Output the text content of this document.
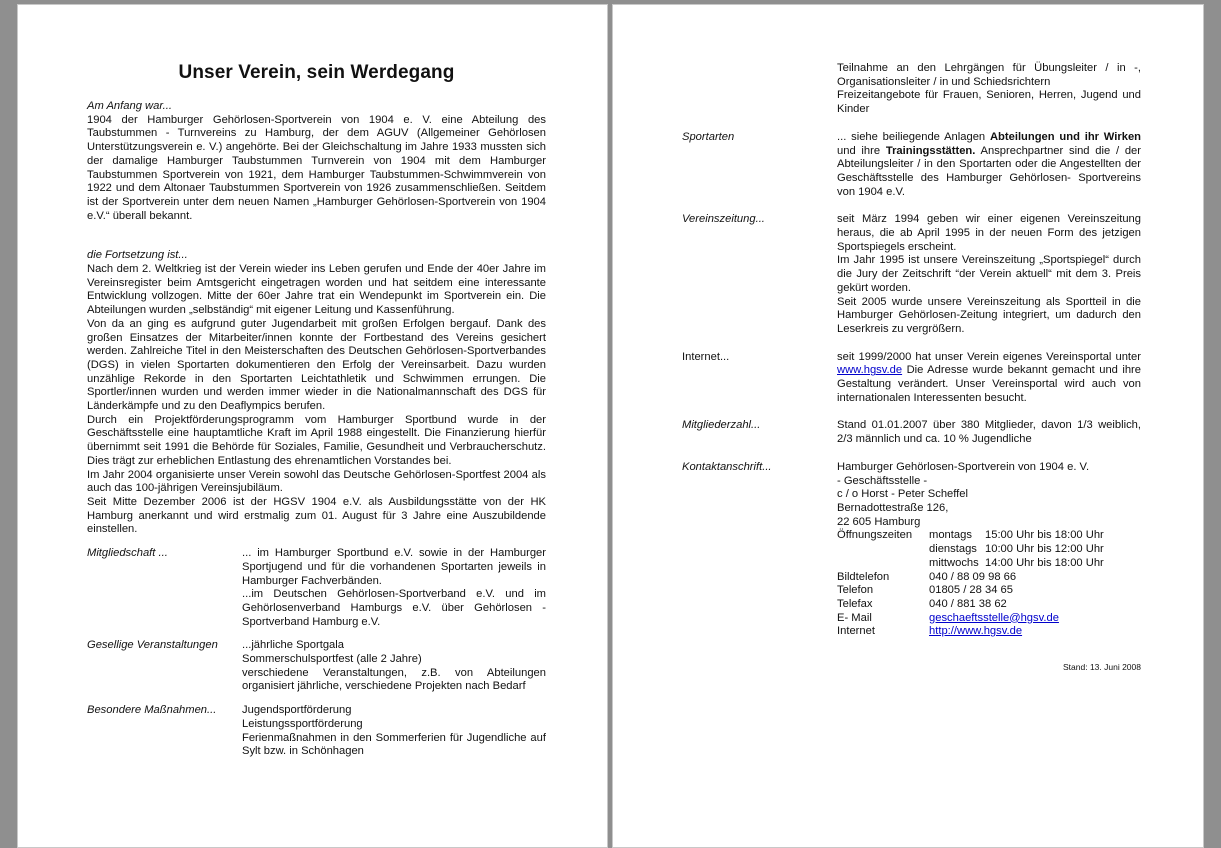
Unser Verein, sein Werdegang
Am Anfang war...

1904 der Hamburger Gehörlosen-Sportverein von 1904 e. V. eine Abteilung des Taubstummen - Turnvereins zu Hamburg, der dem AGUV (Allgemeiner Gehörlosen Unterstützungsverein e. V.) angehörte. Bei der Gleichschaltung im Jahre 1933 mussten sich der damalige Hamburger Taubstummen Turnverein von 1904 mit dem Hamburger Taubstummen Sportverein von 1921, dem Hamburger Taubstummen-Schwimmverein von 1922 und dem Altonaer Taubstummen Sportverein von 1926 zusammenschließen. Seitdem ist der Sportverein unter dem neuen Namen „Hamburger Gehörlosen-Sportverein von 1904 e.V.“ überall bekannt.

die Fortsetzung ist...

Nach dem 2. Weltkrieg ist der Verein wieder ins Leben gerufen und Ende der 40er Jahre im Vereinsregister beim Amtsgericht eingetragen worden und hat seitdem eine interessante Entwicklung vollzogen. Mitte der 60er Jahre trat ein Wendepunkt im Sportverein ein. Die Abteilungen wurden „selbständig“ mit eigener Leitung und Kassenführung.

Von da an ging es aufgrund guter Jugendarbeit mit großen Erfolgen bergauf. Dank des großen Einsatzes der Mitarbeiter/innen konnte der Fortbestand des Vereins gesichert werden. Zahlreiche Titel in den Meisterschaften des Deutschen Gehörlosen-Sportverbandes (DGS) in vielen Sportarten dokumentieren den Erfolg der Vereinsarbeit. Dazu wurden unzählige Rekorde in den Sportarten Leichtathletik und Schwimmen errungen. Die Sportler/innen wurden und werden immer wieder in die Nationalmannschaft des DGS für Länderkämpfe und zu den Deaflympics berufen.

Durch ein Projektförderungsprogramm vom Hamburger Sportbund wurde in der Geschäftsstelle eine hauptamtliche Kraft im April 1988 eingestellt. Die Finanzierung hierfür übernimmt seit 1991 die Behörde für Soziales, Familie, Gesundheit und Verbraucherschutz. Dies trägt zur erheblichen Entlastung des ehrenamtlichen Vorstandes bei.

Im Jahr 2004 organisierte unser Verein sowohl das Deutsche Gehörlosen-Sportfest 2004 als auch das 100-jährigen Vereinsjubiläum.

Seit Mitte Dezember 2006 ist der HGSV 1904 e.V. als Ausbildungsstätte von der HK Hamburg anerkannt und wird erstmalig zum 01. August für 3 Jahre eine Auszubildende einstellen.

Mitgliedschaft ...	... im Hamburger Sportbund e.V. sowie in der Hamburger Sportjugend und für die vorhandenen Sportarten jeweils in Hamburger Fachverbänden.

...im Deutschen Gehörlosen-Sportverband e.V. und im Gehörlosenverband Hamburgs e.V. über Gehörlosen - Sportverband Hamburg e.V.

Gesellige Veranstaltungen	...jährliche Sportgala

Sommerschulsportfest (alle 2 Jahre)

verschiedene Veranstaltungen, z.B. von Abteilungen organisiert jährliche, verschiedene Projekten nach Bedarf

Besondere Maßnahmen...	Jugendsportförderung

Leistungssportförderung

Ferienmaßnahmen in den Sommerferien für Jugendliche auf Sylt bzw. in Schönhagen

Teilnahme an den Lehrgängen für Übungsleiter / in -, Organisationsleiter / in und Schiedsrichtern

Freizeitangebote für Frauen, Senioren, Herren, Jugend und Kinder

Sportarten	... siehe beiliegende Anlagen Abteilungen und ihr Wirken und ihre Trainingsstätten. Ansprechpartner sind die / der Abteilungsleiter / in den Sportarten oder die Angestellten der Geschäftsstelle des Hamburger Gehörlosen- Sportvereins von 1904 e.V.

Vereinszeitung...	seit März 1994 geben wir einer eigenen Vereinszeitung heraus, die ab April 1995 in der neuen Form des jetzigen Sportspiegels erscheint.

Im Jahr 1995 ist unsere Vereinszeitung „Sportspiegel“ durch die Jury der Zeitschrift “der Verein aktuell“ mit dem 3. Preis gekürt worden.

Seit 2005 wurde unsere Vereinszeitung als Sportteil in die Hamburger Gehörlosen-Zeitung integriert, um dadurch den Leserkreis zu vergrößern.

Internet...	seit 1999/2000 hat unser Verein eigenes Vereinsportal unter www.hgsv.de Die Adresse wurde bekannt gemacht und ihre Gestaltung verändert. Unser Vereinsportal wird auch von internationalen Interessenten besucht.

Mitgliederzahl...	Stand 01.01.2007 über 380 Mitglieder, davon 1/3 weiblich, 2/3 männlich und ca. 10 % Jugendliche
Kontaktanschrift...	Hamburger Gehörlosen-Sportverein von 1904 e. V.

- Geschäftsstelle -

c / o Horst - Peter Scheffel

Bernadottestraße 126,

22 605 Hamburg

Öffnungszeiten	montags	15:00 Uhr bis 18:00 Uhr
dienstags 10:00 Uhr bis 12:00 Uhr
mittwochs 14:00 Uhr bis 18:00 Uhr
Bildtelefon	040 / 88 09 98 66
Telefon	01805 / 28 34 65
Telefax	040 / 881 38 62
E- Mail	geschaeftsstelle@hgsv.de
Internet	http://www.hgsv.de
Stand: 13. Juni 2008
